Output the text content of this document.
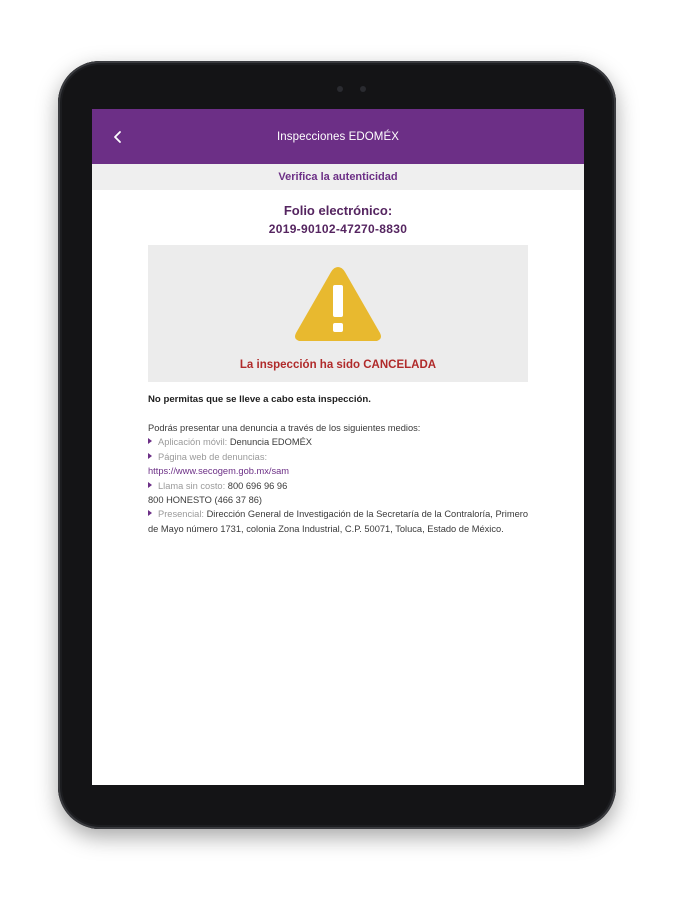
Inspecciones EDOMÉX
Verifica la autenticidad
Folio electrónico:
2019-90102-47270-8830
La inspección ha sido CANCELADA
No permitas que se lleve a cabo esta inspección.
Podrás presentar una denuncia a través de los siguientes medios:
Aplicación móvil: Denuncia EDOMÉX
Página web de denuncias:
https://www.secogem.gob.mx/sam
Llama sin costo: 800 696 96 96
800 HONESTO (466 37 86)
Presencial: Dirección General de Investigación de la Secretaría de la Contraloría, Primero de Mayo número 1731, colonia Zona Industrial, C.P. 50071, Toluca, Estado de México.
